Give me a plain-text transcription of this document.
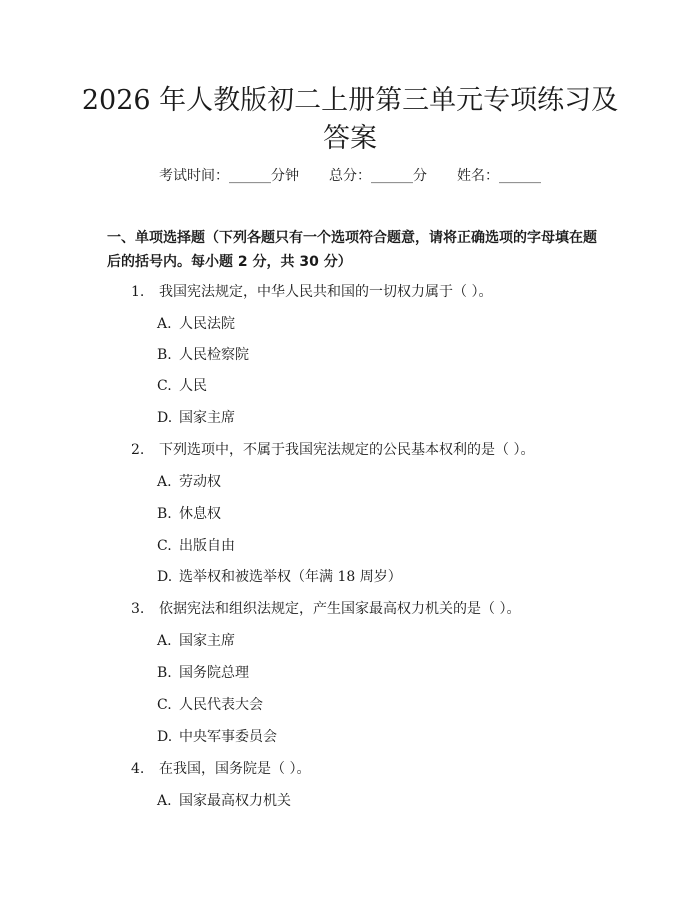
2026 年人教版初二上册第三单元专项练习及
答案
考试时间：______分钟 总分：______分 姓名：______
一、单项选择题（下列各题只有一个选项符合题意，请将正确选项的字母填在题
后的括号内。每小题 2 分，共 30 分）
1. 我国宪法规定，中华人民共和国的一切权力属于（ ）。
A. 人民法院
B. 人民检察院
C. 人民
D. 国家主席
2. 下列选项中，不属于我国宪法规定的公民基本权利的是（ ）。
A. 劳动权
B. 休息权
C. 出版自由
D. 选举权和被选举权（年满 18 周岁）
3. 依据宪法和组织法规定，产生国家最高权力机关的是（ ）。
A. 国家主席
B. 国务院总理
C. 人民代表大会
D. 中央军事委员会
4. 在我国，国务院是（ ）。
A. 国家最高权力机关
